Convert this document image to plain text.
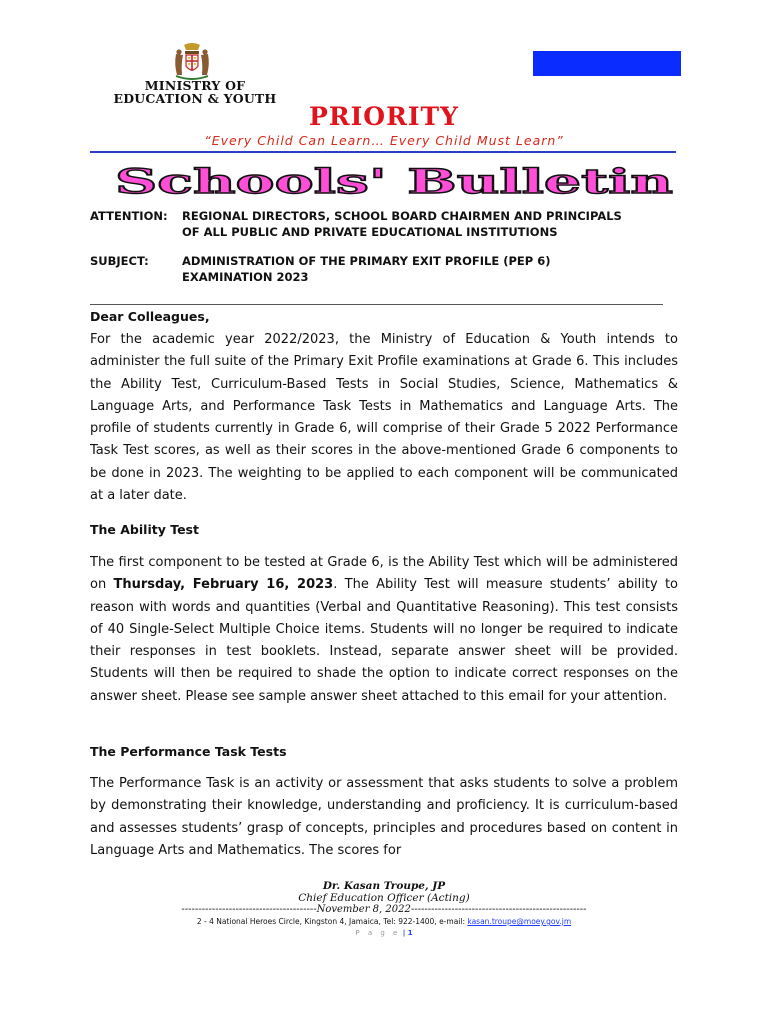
MINISTRY OF
EDUCATION & YOUTH
PRIORITY
“Every Child Can Learn… Every Child Must Learn”
Schools' Bulletin
ATTENTION: REGIONAL DIRECTORS, SCHOOL BOARD CHAIRMEN AND PRINCIPALS
OF ALL PUBLIC AND PRIVATE EDUCATIONAL INSTITUTIONS
SUBJECT:	ADMINISTRATION OF THE PRIMARY EXIT PROFILE (PEP 6)
EXAMINATION 2023
Dear Colleagues,

For the academic year 2022/2023, the Ministry of Education & Youth intends to administer the full suite of the Primary Exit Profile examinations at Grade 6. This includes the Ability Test, Curriculum-Based Tests in Social Studies, Science, Mathematics & Language Arts, and Performance Task Tests in Mathematics and Language Arts. The profile of students currently in Grade 6, will comprise of their Grade 5 2022 Performance Task Test scores, as well as their scores in the above-mentioned Grade 6 components to be done in 2023. The weighting to be applied to each component will be communicated at a later date.

The Ability Test

The first component to be tested at Grade 6, is the Ability Test which will be administered on Thursday, February 16, 2023. The Ability Test will measure students’ ability to reason with words and quantities (Verbal and Quantitative Reasoning). This test consists of 40 Single-Select Multiple Choice items. Students will no longer be required to indicate their responses in test booklets. Instead, separate answer sheet will be provided. Students will then be required to shade the option to indicate correct responses on the answer sheet. Please see sample answer sheet attached to this email for your attention.

The Performance Task Tests

The Performance Task is an activity or assessment that asks students to solve a problem by demonstrating their knowledge, understanding and proficiency. It is curriculum-based and assesses students’ grasp of concepts, principles and procedures based on content in Language Arts and Mathematics. The scores for

Dr. Kasan Troupe, JP
Chief Education Officer (Acting)
----------------------------------------November 8, 2022----------------------------------------------------
2 - 4 National Heroes Circle, Kingston 4, Jamaica, Tel: 922-1400, e-mail: kasan.troupe@moey.gov.jm
P a g e | 1
